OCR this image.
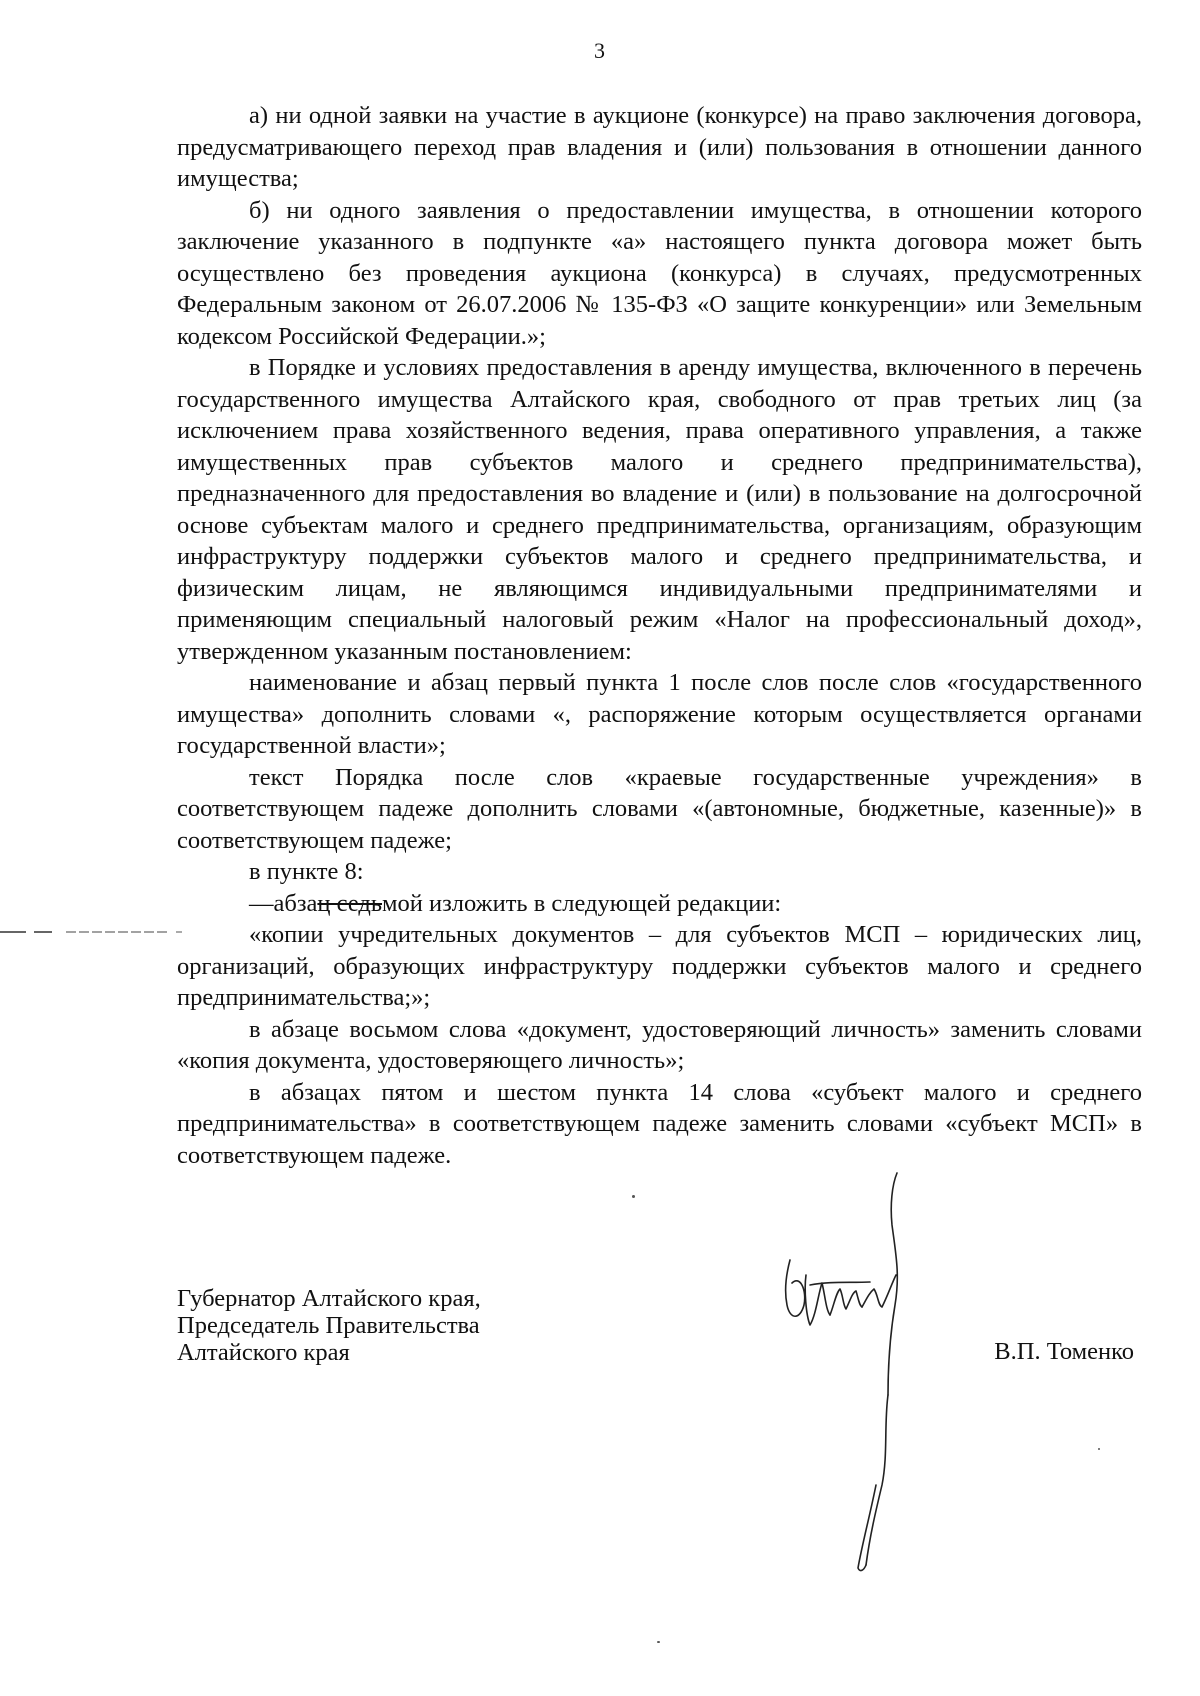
3

а) ни одной заявки на участие в аукционе (конкурсе) на право заключения договора, предусматривающего переход прав владения и (или) пользования в отношении данного имущества;

б) ни одного заявления о предоставлении имущества, в отношении которого заключение указанного в подпункте «а» настоящего пункта договора может быть осуществлено без проведения аукциона (конкурса) в случаях, предусмотренных Федеральным законом от 26.07.2006 № 135-ФЗ «О защите конкуренции» или Земельным кодексом Российской Федерации.»;

в Порядке и условиях предоставления в аренду имущества, включенного в перечень государственного имущества Алтайского края, свободного от прав третьих лиц (за исключением права хозяйственного ведения, права оперативного управления, а также имущественных прав субъектов малого и среднего предпринимательства), предназначенного для предоставления во владение и (или) в пользование на долгосрочной основе субъектам малого и среднего предпринимательства, организациям, образующим инфраструктуру поддержки субъектов малого и среднего предпринимательства, и физическим лицам, не являющимся индивидуальными предпринимателями и применяющим специальный налоговый режим «Налог на профессиональный доход», утвержденном указанным постановлением:

наименование и абзац первый пункта 1 после слов после слов «государственного имущества» дополнить словами «, распоряжение которым осуществляется органами государственной власти»;

текст Порядка после слов «краевые государственные учреждения» в соответствующем падеже дополнить словами «(автономные, бюджетные, казенные)» в соответствующем падеже;

в пункте 8:

—абзац седьмой изложить в следующей редакции:

«копии учредительных документов – для субъектов МСП – юридических лиц, организаций, образующих инфраструктуру поддержки субъектов малого и среднего предпринимательства;»;

в абзаце восьмом слова «документ, удостоверяющий личность» заменить словами «копия документа, удостоверяющего личность»;

в абзацах пятом и шестом пункта 14 слова «субъект малого и среднего предпринимательства» в соответствующем падеже заменить словами «субъект МСП» в соответствующем падеже.

Губернатор Алтайского края,
Председатель Правительства
Алтайского края	В.П. Томенко
